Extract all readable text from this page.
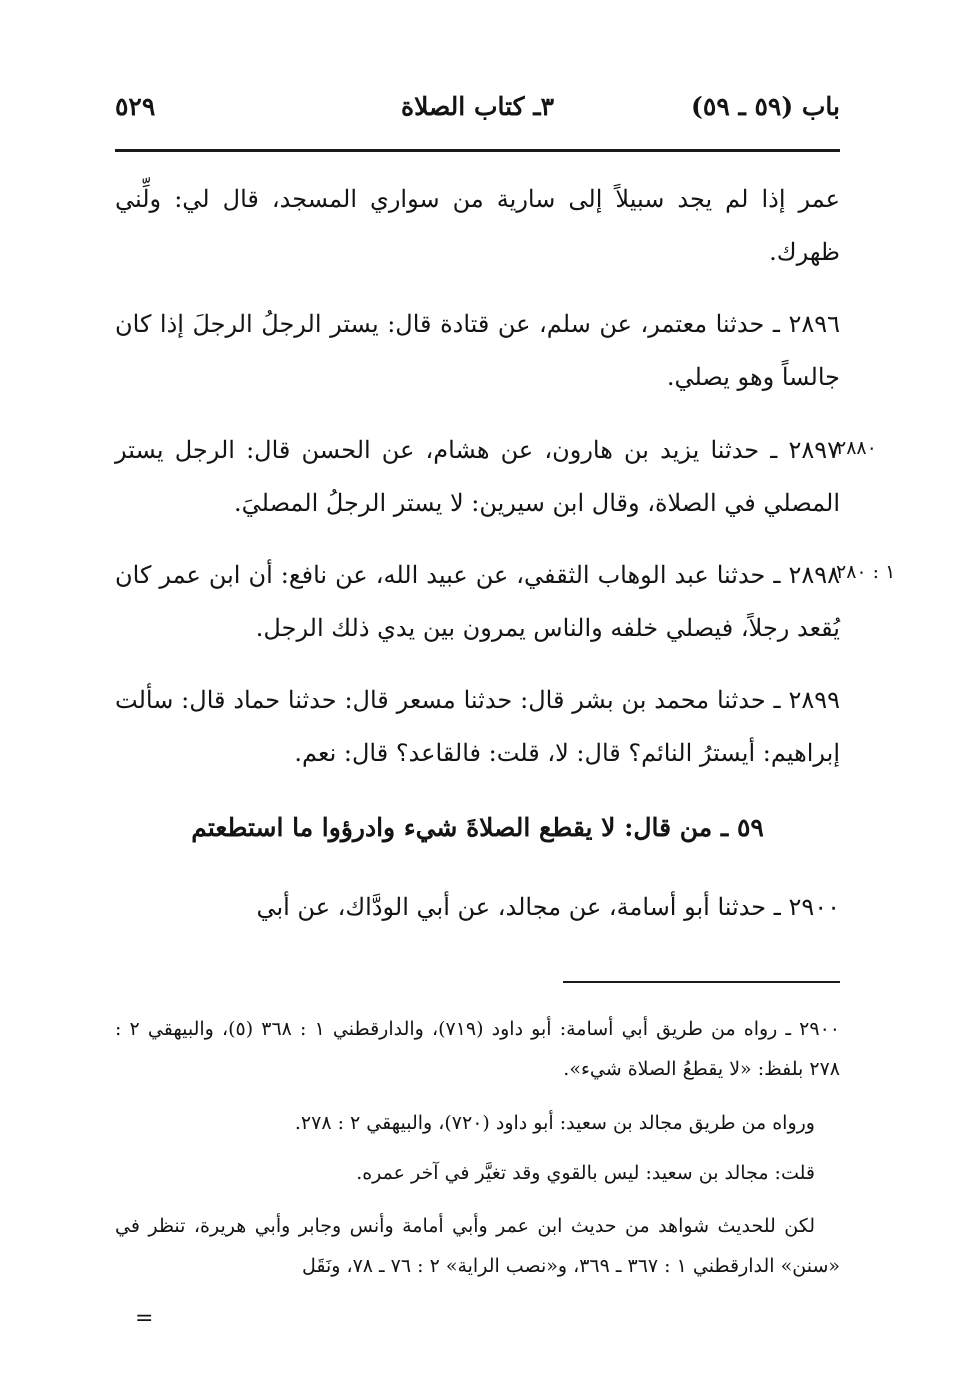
باب (٥٩ ـ ٥٩)
٣ـ كتاب الصلاة
٥٢٩

عمر إذا لم يجد سبيلاً إلى سارية من سواري المسجد، قال لي: ولِّني ظهرك.

٢٨٩٦ ـ حدثنا معتمر، عن سلم، عن قتادة قال: يستر الرجلُ الرجلَ إذا كان جالساً وهو يصلي.

٢٨٩٧ ـ حدثنا يزيد بن هارون، عن هشام، عن الحسن قال: الرجل يستر المصلي في الصلاة، وقال ابن سيرين: لا يستر الرجلُ المصليَ.

٢٨٩٨ ـ حدثنا عبد الوهاب الثقفي، عن عبيد الله، عن نافع: أن ابن عمر كان يُقعد رجلاً، فيصلي خلفه والناس يمرون بين يدي ذلك الرجل.

٢٨٩٩ ـ حدثنا محمد بن بشر قال: حدثنا مسعر قال: حدثنا حماد قال: سألت إبراهيم: أيسترُ النائم؟ قال: لا، قلت: فالقاعد؟ قال: نعم.

٥٩ ـ من قال: لا يقطع الصلاةَ شيء وادرؤوا ما استطعتم

٢٩٠٠ ـ حدثنا أبو أسامة، عن مجالد، عن أبي الودَّاك، عن أبي

٢٨٨٠
١ : ٢٨٠

٢٩٠٠ ـ رواه من طريق أبي أسامة: أبو داود (٧١٩)، والدارقطني ١ : ٣٦٨ (٥)، والبيهقي ٢ : ٢٧٨ بلفظ: «لا يقطعُ الصلاة شيء».

ورواه من طريق مجالد بن سعيد: أبو داود (٧٢٠)، والبيهقي ٢ : ٢٧٨.

قلت: مجالد بن سعيد: ليس بالقوي وقد تغيَّر في آخر عمره.

لكن للحديث شواهد من حديث ابن عمر وأبي أمامة وأنس وجابر وأبي هريرة، تنظر في «سنن» الدارقطني ١ : ٣٦٧ ـ ٣٦٩، و«نصب الراية» ٢ : ٧٦ ـ ٧٨، ونَقَل

=
